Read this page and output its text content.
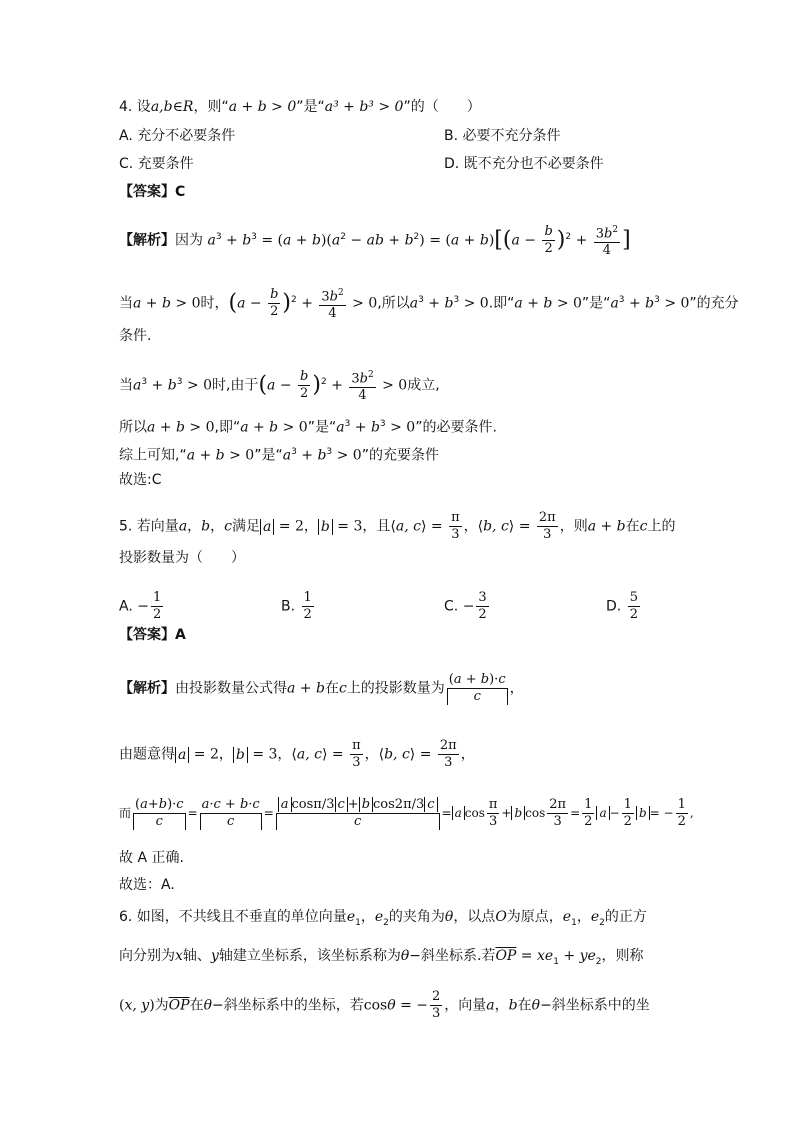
4. 设a,b∈R，则“a + b > 0”是“a³ + b³ > 0”的（　　）
A. 充分不必要条件	B. 必要不充分条件
C. 充要条件	D. 既不充分也不必要条件
【答案】C
【解析】因为 $a^3 + b^3 = (a + b)(a^2$ − ab + $b^2) = (a + b)[(a - \frac{b}{2} )^2 + \frac{3b^2}{4}$ ]
当a + b > 0时，$(a - \frac{b}{2} )^2 + \frac{3b^2}{4} > 0$,所以$a^3 + b^3 > 0$.即“a + b > 0”是“$a^3 + b^3 > 0$”的充分
条件.
当$a^3 + b^3 > 0$时,由于$(a - \frac{b}{2} )^2 + \frac{3b^2}{4} > 0$成立,
所以a + b > 0,即“a + b > 0”是“$a^3 + b^3 > 0$”的必要条件.
综上可知,“a + b > 0”是“$a^3 + b^3 > 0$”的充要条件
故选:C
5. 若向量a，b，c满足 a = 2， b = 3，且⟨a, c⟩ = $\frac{\pi}{3}$ ，⟨b, c⟩ = $\frac{2\pi}{3}$ ，则a + b在c上的
投影数量为（　　）
A. − $\frac{1}{2}$	B. $\frac{1}{2}$	C. − $\frac{3}{2}$	D. $\frac{5}{2}$
【答案】A
【解析】由投影数量公式得a + b在c上的投影数量为 $\frac{(a + b)\cdot c}{c}$ ，
由题意得 a = 2， b = 3，⟨a, c⟩ = $\frac{\pi}{3}$ ，⟨b, c⟩ = $\frac{2\pi}{3}$ ，
而 $\frac{(a+b)\cdot c}{c} = \frac{a\cdot c + b\cdot c}{c} = \frac{\text{a cosπ/3 c + b cos2π/3 c}}{c} = a$ $\cos \frac{\pi}{3} + b$ $\cos \frac{2\pi}{3} = \frac{1}{2}$ $a - \frac{1}{2}$ b = − $\frac{1}{2}$ ,
故 A 正确.
故选：A.
6. 如图，不共线且不垂直的单位向量$e_1$，$e_2$的夹角为θ，以点O为原点，$e_1$，$e_2$的正方
向分别为x轴、y轴建立坐标系，该坐标系称为θ−斜坐标系.若$\overline{OP} = xe_1 + ye_2$，则称
(x, y)为$\overline{OP}$在θ−斜坐标系中的坐标，若cosθ = − $\frac{2}{3}$ ，向量a，b在θ−斜坐标系中的坐
